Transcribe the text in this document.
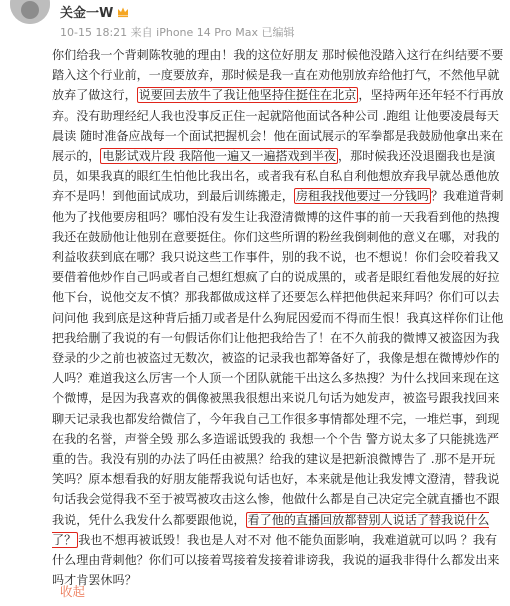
关金一W
10-15 18:21 来自 iPhone 14 Pro Max 已编辑
你们给我一个背刺陈牧驰的理由！我的这位好朋友 那时候他没踏入这行在纠结要不要踏入这个行业前，一度要放弃，那时候是我一直在劝他别放弃给他打气，不然他早就放弃了做这行， 说要回去放牛了我让他坚持住挺住在北京 ，坚持两年还年轻不行再放弃。没有助理经纪人我也没事反正住一起就陪他面试各种公司 .跑组 让他要凌晨每天晨读 随时准备应战每一个面试把握机会！他在面试展示的军拳都是我鼓励他拿出来在展示的， 电影试戏片段 我陪他一遍又一遍搭戏到半夜 ，那时候我还没退圈我也是演员，如果我真的眼红生怕他比我出名，或者我有私自私自利他想放弃我早就怂恿他放弃不是吗！到他面试成功，到最后训练搬走， 房租我找他要过一分钱吗 ？我难道背刺他为了找他要房租吗？哪怕没有发生让我澄清微博的这件事的前一天我看到他的热搜我还在鼓励他让他别在意要挺住。你们这些所谓的粉丝我倒刺他的意义在哪，对我的利益收获到底在哪？我只说这些工作事件，别的我不说，也不想说！你们会咬着我又要借着他炒作自己吗或者自己想红想疯了白的说成黑的，或者是眼红看他发展的好拉他下台，说他交友不慎？那我都做成这样了还要怎么样把他供起来拜吗？你们可以去问问他 我到底是这种背后插刀或者是什么狗屁因爱而不得而生恨！我真这样你们让他把我给删了我说的有一句假话你们让他把我给告了！在不久前我的微博又被盗因为我登录的少之前也被盗过无数次，被盗的记录我也都筹备好了，我像是想在微博炒作的人吗？难道我这么厉害一个人顶一个团队就能干出这么多热搜？为什么找回来现在这个微博，是因为我喜欢的偶像被黑我很想出来说几句话为她发声，被盗号跟我找回来聊天记录我也都发给微信了，今年我自己工作很多事情都处理不完，一堆烂事，到现在我的名誉，声誉全毁 那么多造谣诋毁我的 我想一个个告 警方说太多了只能挑选严重的告。我没有别的办法了吗任由被黑？给我的建议是把新浪微博告了 .那不是开玩笑吗？原本想看我的好朋友能帮我说句话也好，本来就是他让我发博文澄清，替我说句话我会觉得我不至于被骂被攻击这么惨，他做什么都是自己决定完全就直播也不跟我说，凭什么我发什么都要跟他说， 看了他的直播回放都替别人说话了替我说什么了？ 我也不想再被诋毁！我也是人对不对 他不能负面影响，我难道就可以吗 ？我有什么理由背刺他？你们可以接着骂接着发接着诽谤我，我说的逼我非得什么都发出来吗才肯罢休吗？
收起
